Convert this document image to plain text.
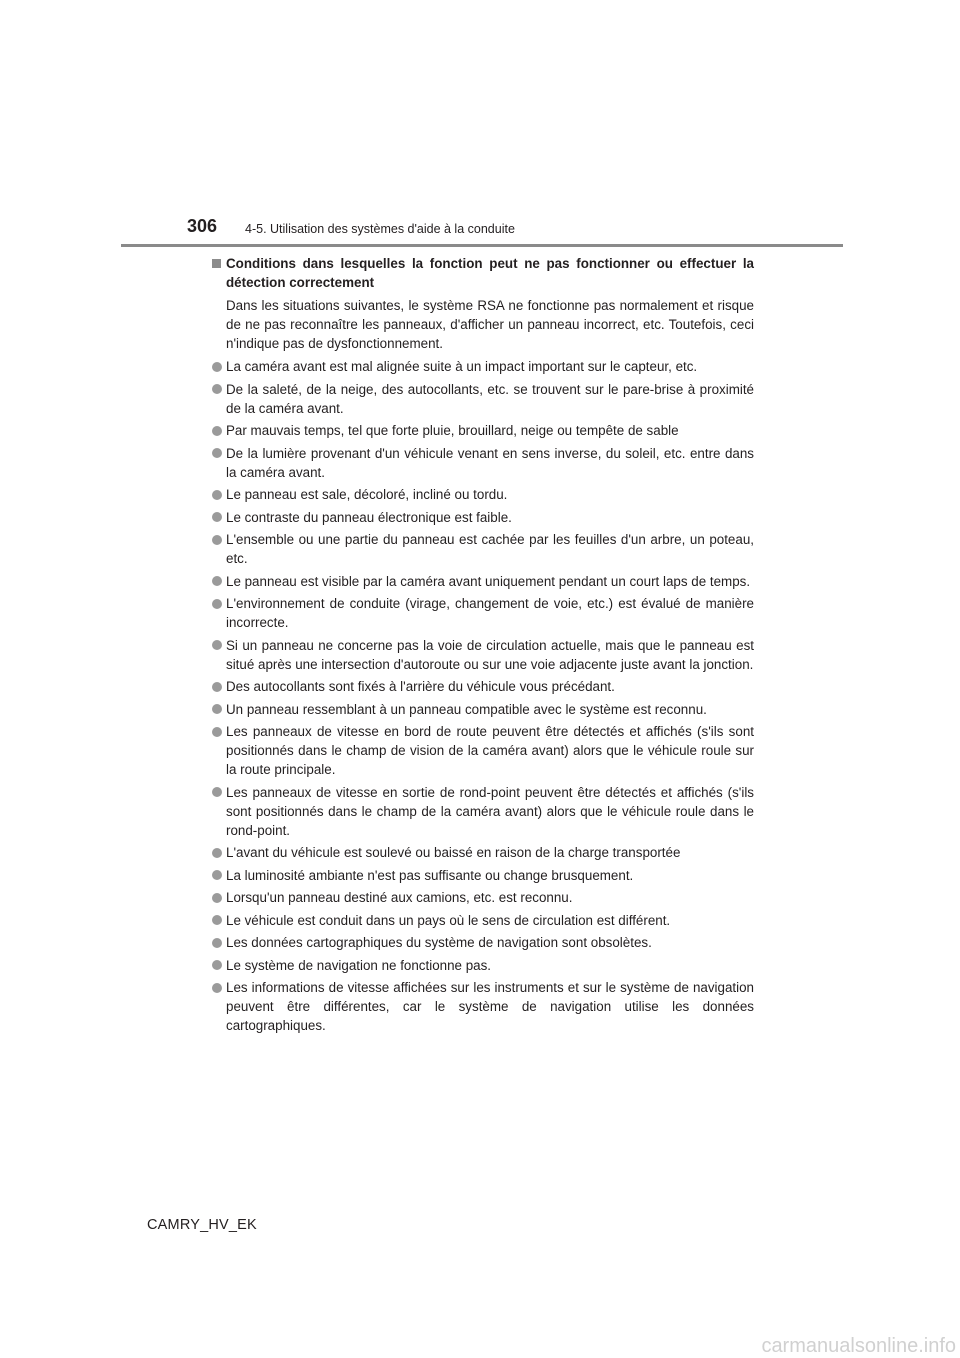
306 4-5. Utilisation des systèmes d'aide à la conduite
Conditions dans lesquelles la fonction peut ne pas fonctionner ou effectuer la détection correctement

Dans les situations suivantes, le système RSA ne fonctionne pas normalement et risque de ne pas reconnaître les panneaux, d'afficher un panneau incorrect, etc. Toutefois, ceci n'indique pas de dysfonctionnement.

La caméra avant est mal alignée suite à un impact important sur le capteur, etc.
De la saleté, de la neige, des autocollants, etc. se trouvent sur le pare-brise à proximité de la caméra avant.
Par mauvais temps, tel que forte pluie, brouillard, neige ou tempête de sable
De la lumière provenant d'un véhicule venant en sens inverse, du soleil, etc. entre dans la caméra avant.
Le panneau est sale, décoloré, incliné ou tordu.
Le contraste du panneau électronique est faible.
L'ensemble ou une partie du panneau est cachée par les feuilles d'un arbre, un poteau, etc.
Le panneau est visible par la caméra avant uniquement pendant un court laps de temps.
L'environnement de conduite (virage, changement de voie, etc.) est évalué de manière incorrecte.
Si un panneau ne concerne pas la voie de circulation actuelle, mais que le panneau est situé après une intersection d'autoroute ou sur une voie adjacente juste avant la jonction.
Des autocollants sont fixés à l'arrière du véhicule vous précédant.
Un panneau ressemblant à un panneau compatible avec le système est reconnu.
Les panneaux de vitesse en bord de route peuvent être détectés et affichés (s'ils sont positionnés dans le champ de vision de la caméra avant) alors que le véhicule roule sur la route principale.
Les panneaux de vitesse en sortie de rond-point peuvent être détectés et affichés (s'ils sont positionnés dans le champ de la caméra avant) alors que le véhicule roule dans le rond-point.
L'avant du véhicule est soulevé ou baissé en raison de la charge transportée
La luminosité ambiante n'est pas suffisante ou change brusquement.
Lorsqu'un panneau destiné aux camions, etc. est reconnu.
Le véhicule est conduit dans un pays où le sens de circulation est différent.
Les données cartographiques du système de navigation sont obsolètes.
Le système de navigation ne fonctionne pas.
Les informations de vitesse affichées sur les instruments et sur le système de navigation peuvent être différentes, car le système de navigation utilise les données cartographiques.
CAMRY_HV_EK
carmanualsonline.info
